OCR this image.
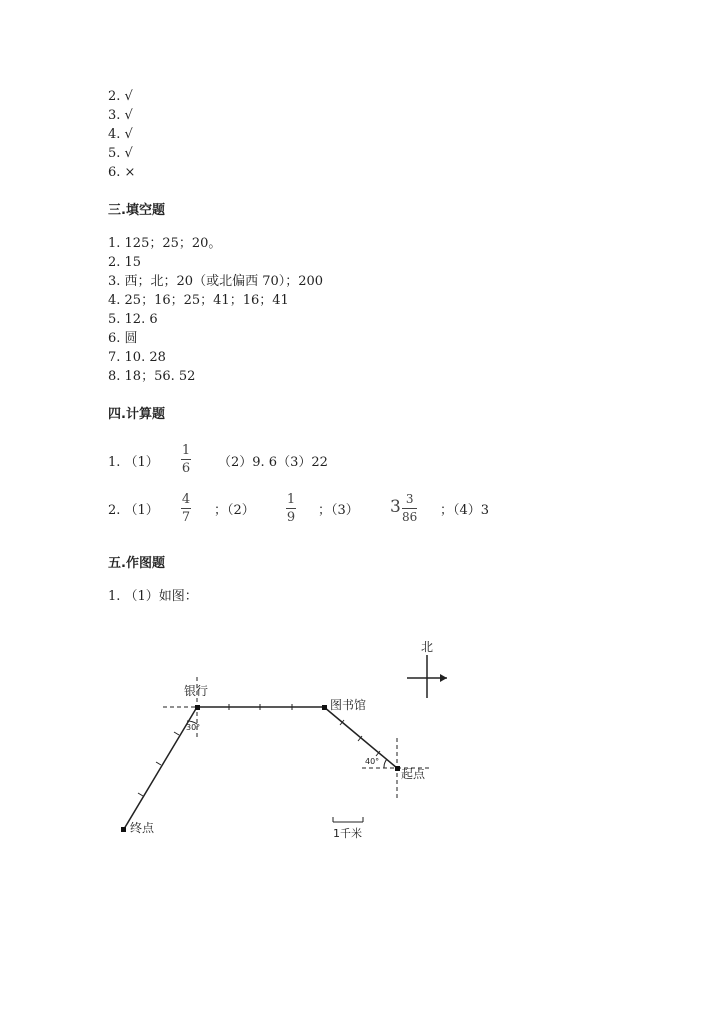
2. √
3. √
4. √
5. √
6. ×
三.填空题
1. 125；25；20。
2. 15
3. 西；北；20（或北偏西 70）；200
4. 25；16；25；41；16；41
5. 12. 6
6. 圆
7. 10. 28
8. 18；56. 52
四.计算题
1. （1）
1
6 （2）9. 6（3）22
2. （1）
4
7 ；（2）
1
9 ；（3） 3 3
86 ；（4）3
五.作图题
1. （1）如图：
北
银行
图书馆
起点
终点
30°
40°
1千米
